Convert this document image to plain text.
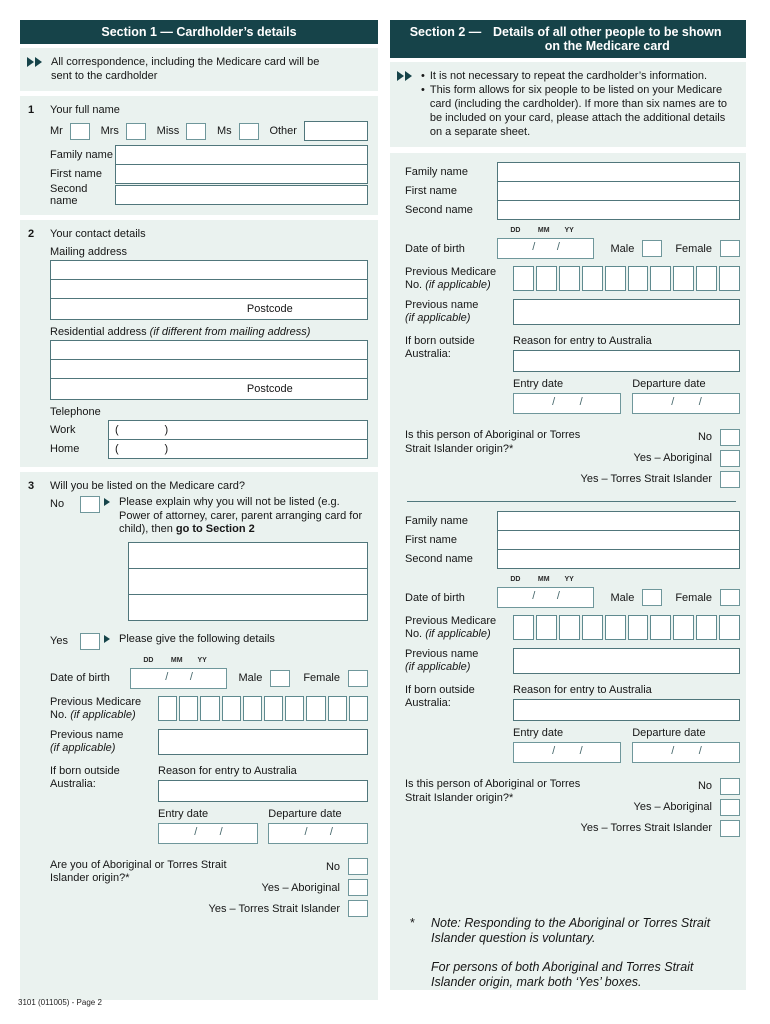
Section 1 — Cardholder’s details

All correspondence, including the Medicare card will be sent to the cardholder

1	Your full name
Mr	Mrs	Miss	Ms	Other
Family name
First name
Second name
2	Your contact details
Mailing address
Postcode
Residential address (if different from mailing address)
Postcode
Telephone
Work	(               )
Home	(               )
3	Will you be listed on the Medicare card?
No	Please explain why you will not be listed (e.g. Power of attorney, carer, parent arranging card for child), then go to Section 2

Yes	Please give the following details

Date of birth
DD MM YY
/ /	Male	Female
Previous Medicare
No. (if applicable)
Previous name
(if applicable)
If born outside
Australia:
Reason for entry to Australia
Entry date
/ /
Departure date
/ /
Are you of Aboriginal or Torres Strait Islander origin?*
No
Yes – Aboriginal
Yes – Torres Strait Islander
Section 2 — Details of all other people to be shown on the Medicare card
• It is not necessary to repeat the cardholder’s information.
• This form allows for six people to be listed on your Medicare card (including the cardholder). If more than six names are to be included on your card, please attach the additional details on a separate sheet.
Family name
First name
Second name
Date of birth
DD MM YY
/ /	Male	Female
Previous Medicare
No. (if applicable)
Previous name
(if applicable)
If born outside
Australia:
Reason for entry to Australia
Entry date
/ /
Departure date
/ /
Is this person of Aboriginal or Torres Strait Islander origin?*
No
Yes – Aboriginal
Yes – Torres Strait Islander
Family name
First name
Second name
Date of birth
DD MM YY
/ /	Male	Female
Previous Medicare
No. (if applicable)
Previous name
(if applicable)
If born outside
Australia:
Reason for entry to Australia
Entry date
/ /
Departure date
/ /
Is this person of Aboriginal or Torres Strait Islander origin?*
No
Yes – Aboriginal
Yes – Torres Strait Islander
*	Note: Responding to the Aboriginal or Torres Strait Islander question is voluntary.

For persons of both Aboriginal and Torres Strait Islander origin, mark both ‘Yes’ boxes.

3101 (011005) - Page 2
